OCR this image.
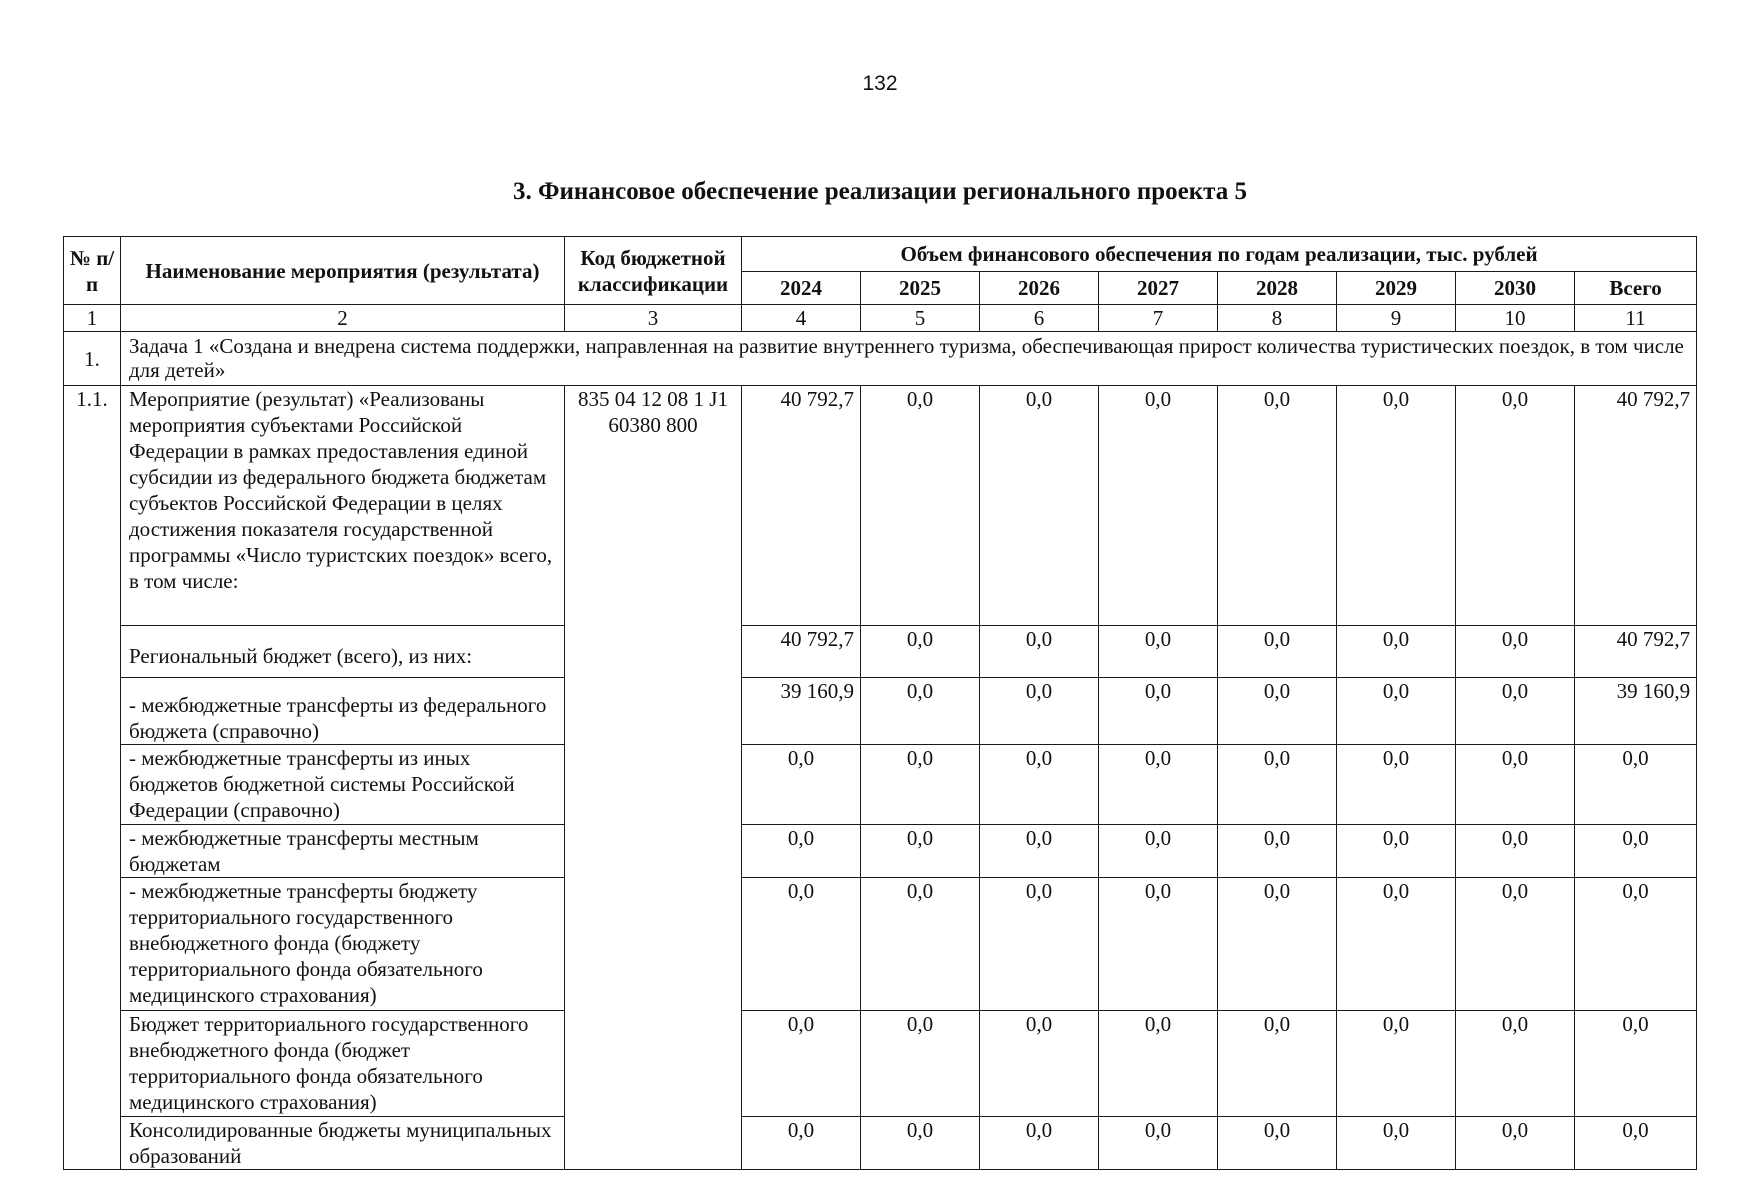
132
3. Финансовое обеспечение реализации регионального проекта 5
№ п/п	Наименование мероприятия (результата)	Код бюджетной классификации	Объем финансового обеспечения по годам реализации, тыс. рублей							
			2024	2025	2026	2027	2028	2029	2030	Всего
1	2	3	4	5	6	7	8	9	10	11
1.	Задача 1 «Создана и внедрена система поддержки, направленная на развитие внутреннего туризма, обеспечивающая прирост количества туристических поездок, в том числе для детей»									
1.1.	Мероприятие (результат) «Реализованы мероприятия субъектами Российской Федерации в рамках предоставления единой субсидии из федерального бюджета бюджетам субъектов Российской Федерации в целях достижения показателя государственной программы «Число туристских поездок» всего, в том числе:	835 04 12 08 1 J1 60380 800	40 792,7	0,0	0,0	0,0	0,0	0,0	0,0	40 792,7
	Региональный бюджет (всего), из них:		40 792,7	0,0	0,0	0,0	0,0	0,0	0,0	40 792,7
	- межбюджетные трансферты из федерального бюджета (справочно)		39 160,9	0,0	0,0	0,0	0,0	0,0	0,0	39 160,9
	- межбюджетные трансферты из иных бюджетов бюджетной системы Российской Федерации (справочно)		0,0	0,0	0,0	0,0	0,0	0,0	0,0	0,0
	- межбюджетные трансферты местным бюджетам		0,0	0,0	0,0	0,0	0,0	0,0	0,0	0,0
	- межбюджетные трансферты бюджету территориального государственного внебюджетного фонда (бюджету территориального фонда обязательного медицинского страхования)		0,0	0,0	0,0	0,0	0,0	0,0	0,0	0,0
	Бюджет территориального государственного внебюджетного фонда (бюджет территориального фонда обязательного медицинского страхования)		0,0	0,0	0,0	0,0	0,0	0,0	0,0	0,0
	Консолидированные бюджеты муниципальных образований		0,0	0,0	0,0	0,0	0,0	0,0	0,0	0,0
